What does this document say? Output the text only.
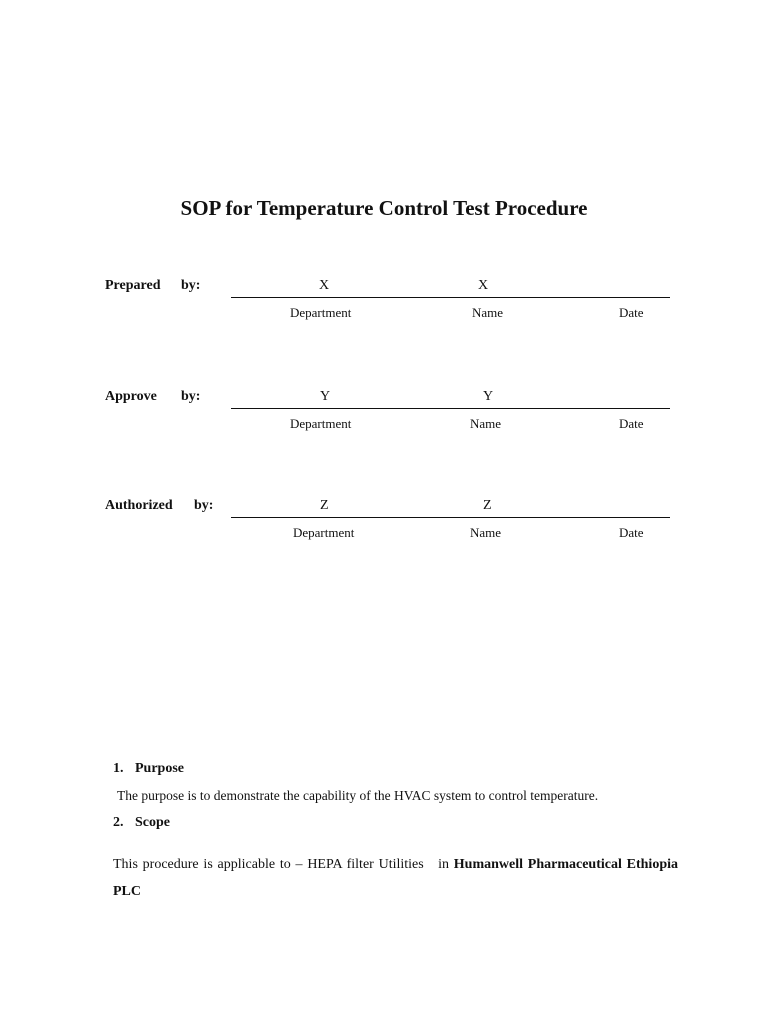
SOP for Temperature Control Test Procedure
Prepared by:	X	X
Department	Name	Date
Approve by:	Y	Y
Department	Name	Date
Authorized by:	Z	Z
Department	Name	Date
1. Purpose
The purpose is to demonstrate the capability of the HVAC system to control temperature.
2. Scope
This procedure is applicable to – HEPA filter Utilities   in Humanwell Pharmaceutical Ethiopia PLC
